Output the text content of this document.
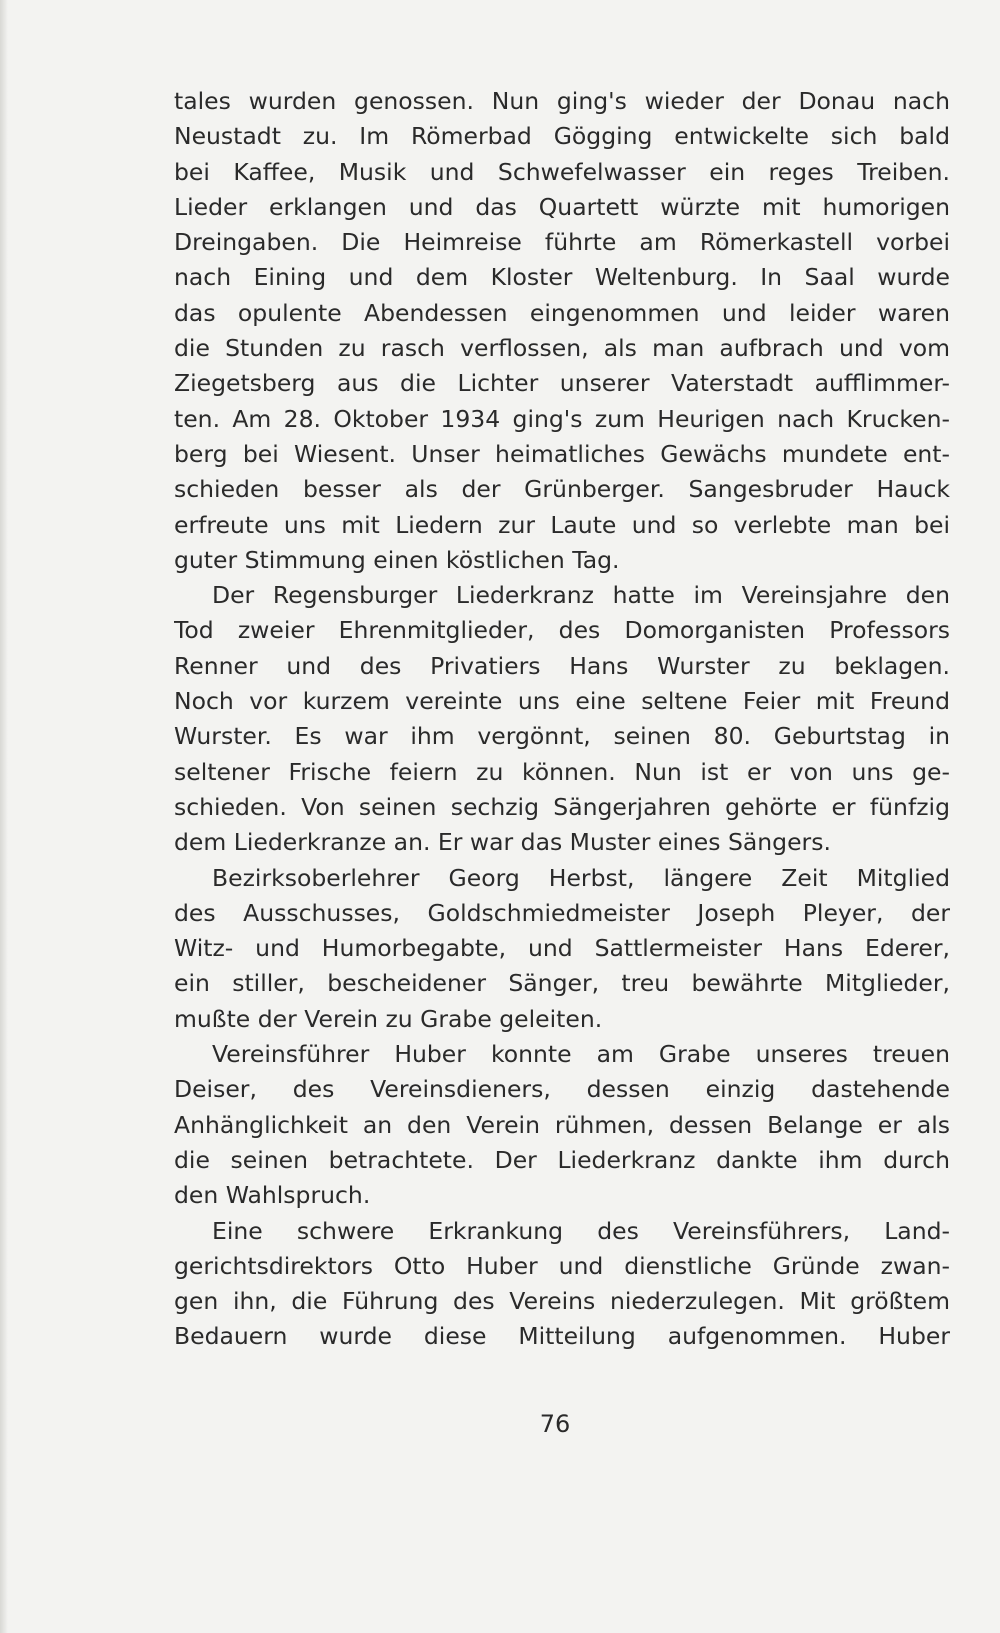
tales wurden genossen. Nun ging's wieder der Donau nach
Neustadt zu. Im Römerbad Gögging entwickelte sich bald
bei Kaffee, Musik und Schwefelwasser ein reges Treiben.
Lieder erklangen und das Quartett würzte mit humorigen
Dreingaben. Die Heimreise führte am Römerkastell vorbei
nach Eining und dem Kloster Weltenburg. In Saal wurde
das opulente Abendessen eingenommen und leider waren
die Stunden zu rasch verflossen, als man aufbrach und vom
Ziegetsberg aus die Lichter unserer Vaterstadt aufflimmer-
ten. Am 28. Oktober 1934 ging's zum Heurigen nach Krucken-
berg bei Wiesent. Unser heimatliches Gewächs mundete ent-
schieden besser als der Grünberger. Sangesbruder Hauck
erfreute uns mit Liedern zur Laute und so verlebte man bei
guter Stimmung einen köstlichen Tag.
Der Regensburger Liederkranz hatte im Vereinsjahre den
Tod zweier Ehrenmitglieder, des Domorganisten Professors
Renner und des Privatiers Hans Wurster zu beklagen.
Noch vor kurzem vereinte uns eine seltene Feier mit Freund
Wurster. Es war ihm vergönnt, seinen 80. Geburtstag in
seltener Frische feiern zu können. Nun ist er von uns ge-
schieden. Von seinen sechzig Sängerjahren gehörte er fünfzig
dem Liederkranze an. Er war das Muster eines Sängers.
Bezirksoberlehrer Georg Herbst, längere Zeit Mitglied
des Ausschusses, Goldschmiedmeister Joseph Pleyer, der
Witz- und Humorbegabte, und Sattlermeister Hans Ederer,
ein stiller, bescheidener Sänger, treu bewährte Mitglieder,
mußte der Verein zu Grabe geleiten.
Vereinsführer Huber konnte am Grabe unseres treuen
Deiser, des Vereinsdieners, dessen einzig dastehende
Anhänglichkeit an den Verein rühmen, dessen Belange er als
die seinen betrachtete. Der Liederkranz dankte ihm durch
den Wahlspruch.
Eine schwere Erkrankung des Vereinsführers, Land-
gerichtsdirektors Otto Huber und dienstliche Gründe zwan-
gen ihn, die Führung des Vereins niederzulegen. Mit größtem
Bedauern wurde diese Mitteilung aufgenommen. Huber
76
